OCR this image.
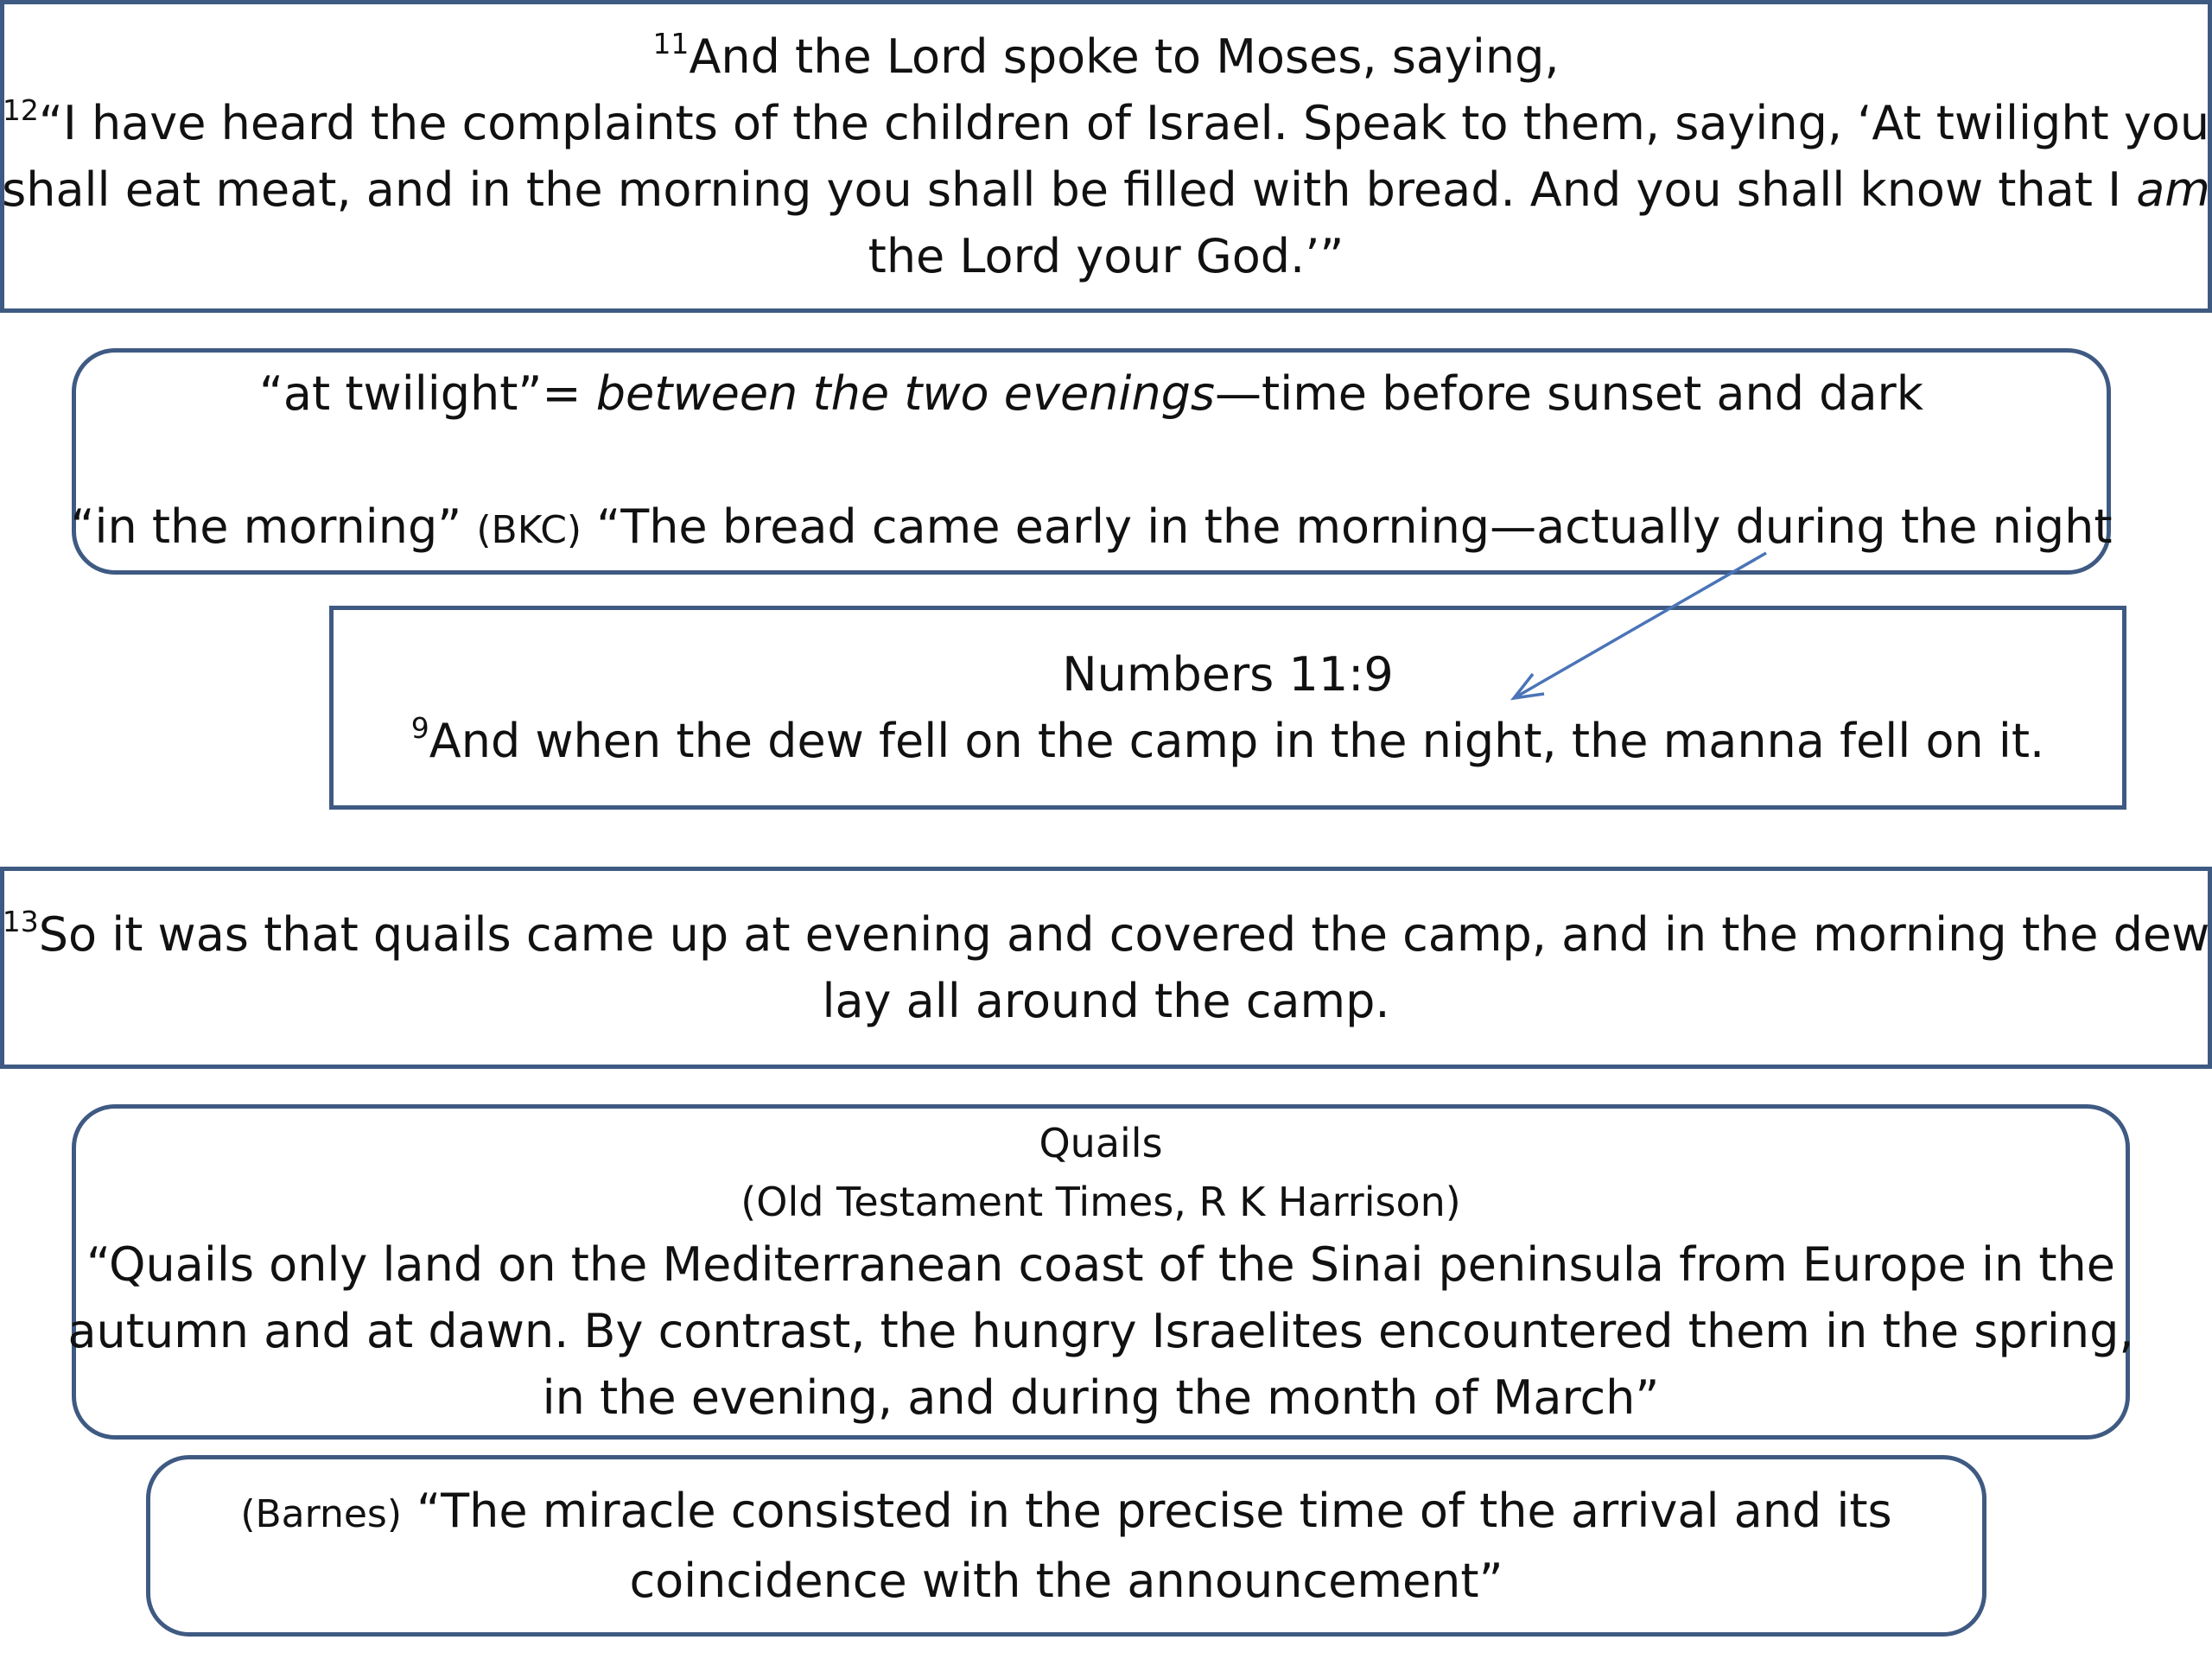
$^{11}$And the Lord spoke to Moses, saying,
$^{12}$“I have heard the complaints of the children of Israel. Speak to them, saying, ‘At twilight you
shall eat meat, and in the morning you shall be filled with bread. And you shall know that I am
the Lord your God.’”
“at twilight”= between the two evenings—time before sunset and dark
“in the morning” (BKC) “The bread came early in the morning—actually during the night
Numbers 11:9
$^9$And when the dew fell on the camp in the night, the manna fell on it.
$^{13}$So it was that quails came up at evening and covered the camp, and in the morning the dew
lay all around the camp.
Quails
(Old Testament Times, R K Harrison)
“Quails only land on the Mediterranean coast of the Sinai peninsula from Europe in the
autumn and at dawn. By contrast, the hungry Israelites encountered them in the spring,
in the evening, and during the month of March”
(Barnes) “The miracle consisted in the precise time of the arrival and its
coincidence with the announcement”
